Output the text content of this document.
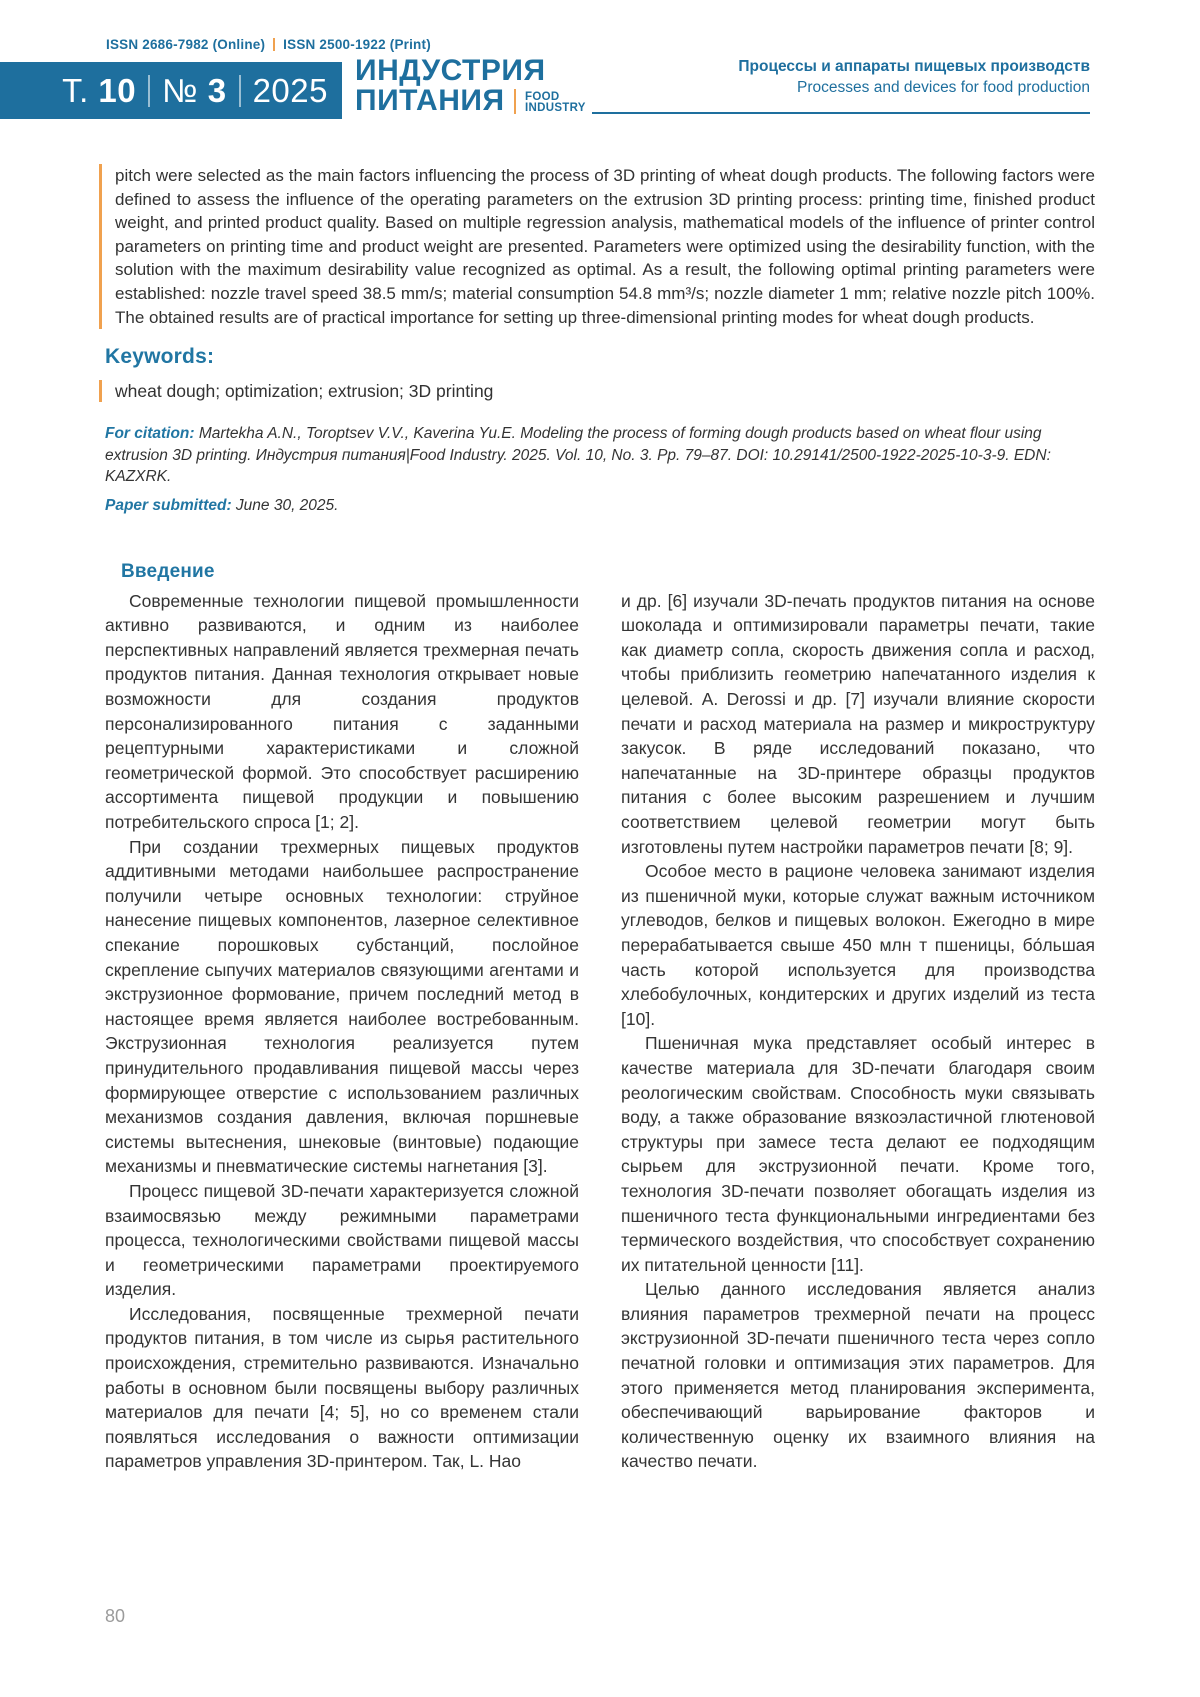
ISSN 2686-7982 (Online) ISSN 2500-1922 (Print)
Т. 10 № 3 2025
ИНДУСТРИЯ
ПИТАНИЯ FOOD
INDUSTRY
Процессы и аппараты пищевых производств
Processes and devices for food production
pitch were selected as the main factors influencing the process of 3D printing of wheat dough products. The following factors were defined to assess the influence of the operating parameters on the extrusion 3D printing process: printing time, finished product weight, and printed product quality. Based on multiple regression analysis, mathematical models of the influence of printer control parameters on printing time and product weight are presented. Parameters were optimized using the desirability function, with the solution with the maximum desirability value recognized as optimal. As a result, the following optimal printing parameters were established: nozzle travel speed 38.5 mm/s; material consumption 54.8 mm³/s; nozzle diameter 1 mm; relative nozzle pitch 100%. The obtained results are of practical importance for setting up three-dimensional printing modes for wheat dough products.
Keywords:
wheat dough; optimization; extrusion; 3D printing
For citation: Martekha A.N., Toroptsev V.V., Kaverina Yu.E. Modeling the process of forming dough products based on wheat flour using extrusion 3D printing. Индустрия питания|Food Industry. 2025. Vol. 10, No. 3. Pp. 79–87. DOI: 10.29141/2500-1922-2025-10-3-9. EDN: KAZXRK.
Paper submitted: June 30, 2025.
Введение

Современные технологии пищевой промышленности активно развиваются, и одним из наиболее перспективных направлений является трехмерная печать продуктов питания. Данная технология открывает новые возможности для создания продуктов персонализированного питания с заданными рецептурными характеристиками и сложной геометрической формой. Это способствует расширению ассортимента пищевой продукции и повышению потребительского спроса [1; 2].

При создании трехмерных пищевых продуктов аддитивными методами наибольшее распространение получили четыре основных технологии: струйное нанесение пищевых компонентов, лазерное селективное спекание порошковых субстанций, послойное скрепление сыпучих материалов связующими агентами и экструзионное формование, причем последний метод в настоящее время является наиболее востребованным. Экструзионная технология реализуется путем принудительного продавливания пищевой массы через формирующее отверстие с использованием различных механизмов создания давления, включая поршневые системы вытеснения, шнековые (винтовые) подающие механизмы и пневматические системы нагнетания [3].

Процесс пищевой 3D-печати характеризуется сложной взаимосвязью между режимными параметрами процесса, технологическими свойствами пищевой массы и геометрическими параметрами проектируемого изделия.

Исследования, посвященные трехмерной печати продуктов питания, в том числе из сырья растительного происхождения, стремительно развиваются. Изначально работы в основном были посвящены выбору различных материалов для печати [4; 5], но со временем стали появляться исследования о важности оптимизации параметров управления 3D-принтером. Так, L. Hao

и др. [6] изучали 3D-печать продуктов питания на основе шоколада и оптимизировали параметры печати, такие как диаметр сопла, скорость движения сопла и расход, чтобы приблизить геометрию напечатанного изделия к целевой. A. Derossi и др. [7] изучали влияние скорости печати и расход материала на размер и микроструктуру закусок. В ряде исследований показано, что напечатанные на 3D-принтере образцы продуктов питания с более высоким разрешением и лучшим соответствием целевой геометрии могут быть изготовлены путем настройки параметров печати [8; 9].

Особое место в рационе человека занимают изделия из пшеничной муки, которые служат важным источником углеводов, белков и пищевых волокон. Ежегодно в мире перерабатывается свыше 450 млн т пшеницы, бо́льшая часть которой используется для производства хлебобулочных, кондитерских и других изделий из теста [10].

Пшеничная мука представляет особый интерес в качестве материала для 3D-печати благодаря своим реологическим свойствам. Способность муки связывать воду, а также образование вязкоэластичной глютеновой структуры при замесе теста делают ее подходящим сырьем для экструзионной печати. Кроме того, технология 3D-печати позволяет обогащать изделия из пшеничного теста функциональными ингредиентами без термического воздействия, что способствует сохранению их питательной ценности [11].

Целью данного исследования является анализ влияния параметров трехмерной печати на процесс экструзионной 3D-печати пшеничного теста через сопло печатной головки и оптимизация этих параметров. Для этого применяется метод планирования эксперимента, обеспечивающий варьирование факторов и количественную оценку их взаимного влияния на качество печати.

80
